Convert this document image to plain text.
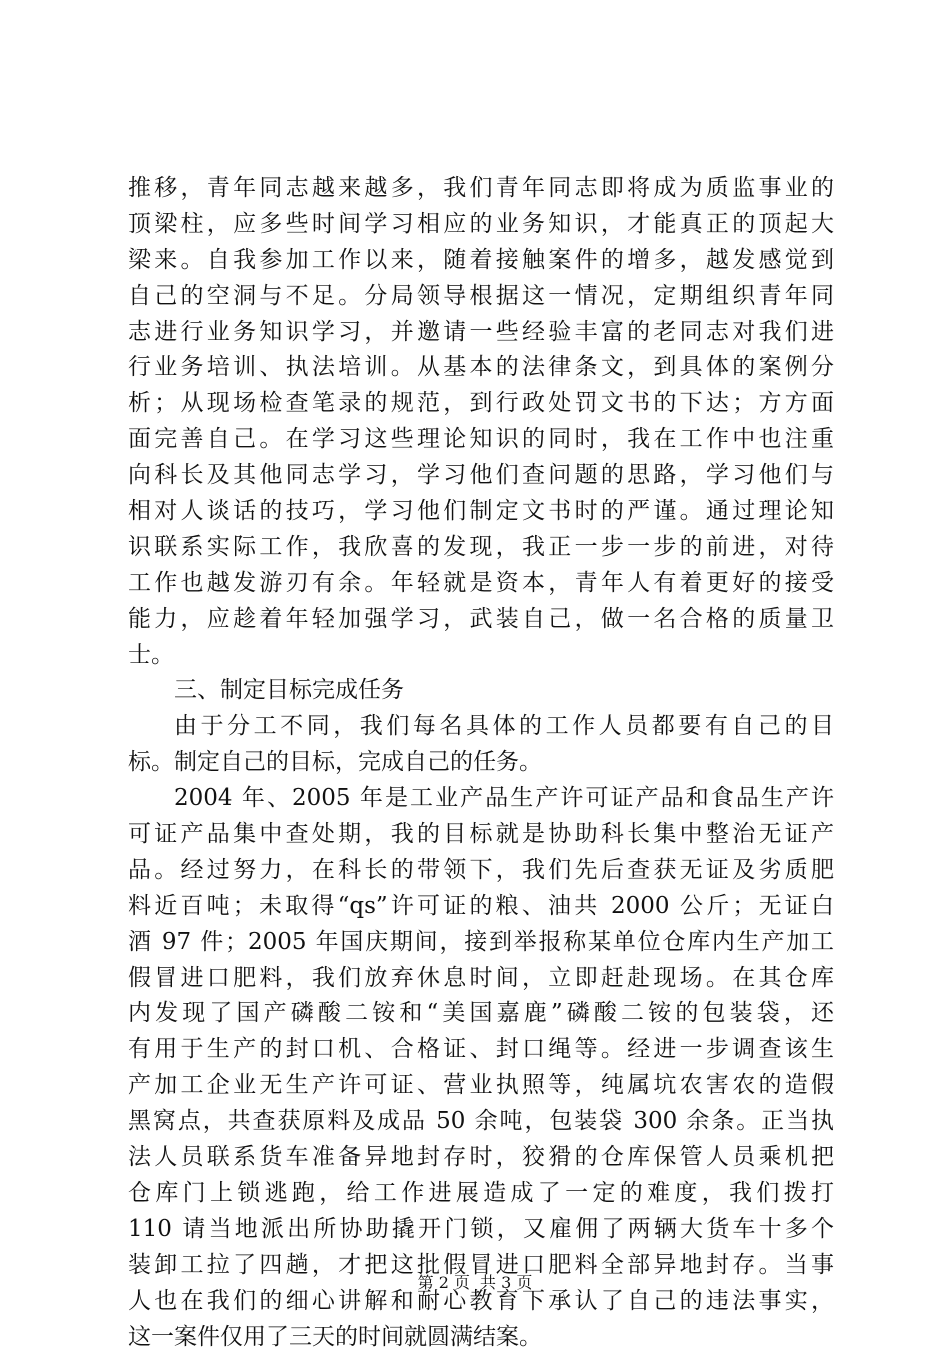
推移，青年同志越来越多，我们青年同志即将成为质监事业的
顶梁柱，应多些时间学习相应的业务知识，才能真正的顶起大
梁来。自我参加工作以来，随着接触案件的增多，越发感觉到
自己的空洞与不足。分局领导根据这一情况，定期组织青年同
志进行业务知识学习，并邀请一些经验丰富的老同志对我们进
行业务培训、执法培训。从基本的法律条文，到具体的案例分
析；从现场检查笔录的规范，到行政处罚文书的下达；方方面
面完善自己。在学习这些理论知识的同时，我在工作中也注重
向科长及其他同志学习，学习他们查问题的思路，学习他们与
相对人谈话的技巧，学习他们制定文书时的严谨。通过理论知
识联系实际工作，我欣喜的发现，我正一步一步的前进，对待
工作也越发游刃有余。年轻就是资本，青年人有着更好的接受
能力，应趁着年轻加强学习，武装自己，做一名合格的质量卫
士。
三、制定目标完成任务
由于分工不同，我们每名具体的工作人员都要有自己的目
标。制定自己的目标，完成自己的任务。
2004 年、2005 年是工业产品生产许可证产品和食品生产许
可证产品集中查处期，我的目标就是协助科长集中整治无证产
品。经过努力，在科长的带领下，我们先后查获无证及劣质肥
料近百吨；未取得“qs”许可证的粮、油共 2000 公斤；无证白
酒 97 件；2005 年国庆期间，接到举报称某单位仓库内生产加工
假冒进口肥料，我们放弃休息时间，立即赶赴现场。在其仓库
内发现了国产磷酸二铵和“美国嘉鹿”磷酸二铵的包装袋，还
有用于生产的封口机、合格证、封口绳等。经进一步调查该生
产加工企业无生产许可证、营业执照等，纯属坑农害农的造假
黑窝点，共查获原料及成品 50 余吨，包装袋 300 余条。正当执
法人员联系货车准备异地封存时，狡猾的仓库保管人员乘机把
仓库门上锁逃跑，给工作进展造成了一定的难度，我们拨打
110 请当地派出所协助撬开门锁，又雇佣了两辆大货车十多个
装卸工拉了四趟，才把这批假冒进口肥料全部异地封存。当事
人也在我们的细心讲解和耐心教育下承认了自己的违法事实，
这一案件仅用了三天的时间就圆满结案。
第 2 页 共 3 页
